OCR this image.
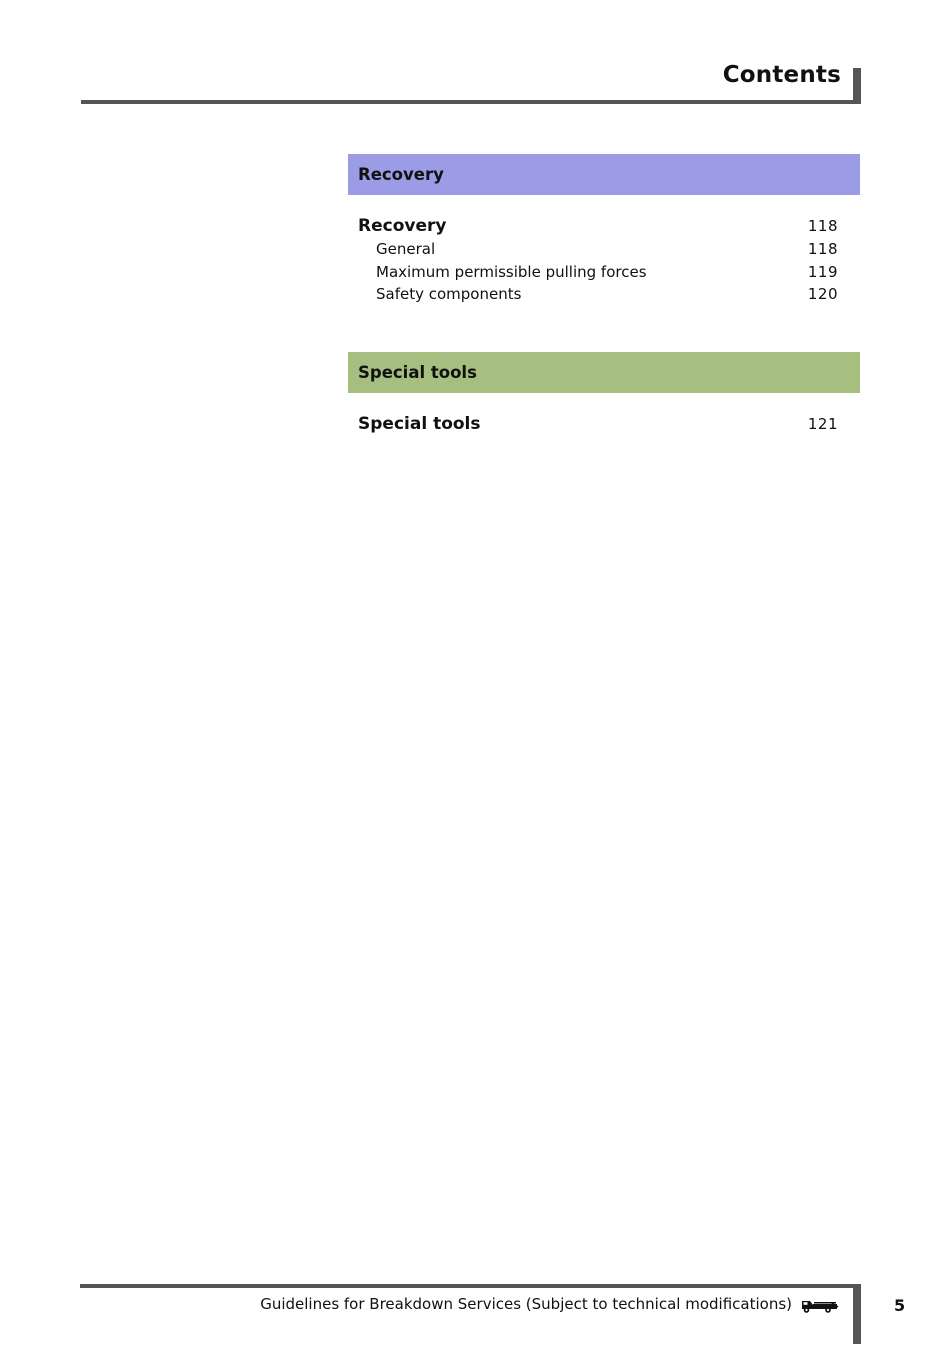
Contents
Recovery
Recovery	118
General	118
Maximum permissible pulling forces	119
Safety components	120
Special tools
Special tools	121
Guidelines for Breakdown Services (Subject to technical modifications)	5
